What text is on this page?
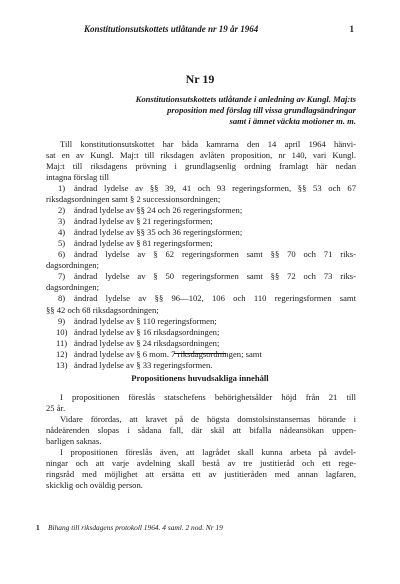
Konstitutionsutskottets utlåtande nr 19 år 1964	1
Nr 19
Konstitutionsutskottets utlåtande i anledning av Kungl. Maj:ts
proposition med förslag till vissa grundlagsändringar
samt i ämnet väckta motioner m. m.
Till konstitutionsutskottet har båda kamrarna den 14 april 1964 hänvi-
sat en av Kungl. Maj:t till riksdagen avlåten proposition, nr 140, vari Kungl.
Maj:t till riksdagens prövning i grundlagsenlig ordning framlagt här nedan
intagna förslag till
1)	ändrad lydelse av §§ 39, 41 och 93 regeringsformen, §§ 53 och 67
riksdagsordningen samt § 2 successionsordningen;
2)	ändrad lydelse av §§ 24 och 26 regeringsformen;
3)	ändrad lydelse av § 21 regeringsformen;
4)	ändrad lydelse av §§ 35 och 36 regeringsformen;
5)	ändrad lydelse av § 81 regeringsformen;
6)	ändrad lydelse av § 62 regeringsformen samt §§ 70 och 71 riks-
dagsordningen;
7)	ändrad lydelse av § 50 regeringsformen samt §§ 72 och 73 riks-
dagsordningen;
8)	ändrad lydelse av §§ 96—102, 106 och 110 regeringsformen samt
§§ 42 och 68 riksdagsordningen;
9)	ändrad lydelse av § 110 regeringsformen;
10) ändrad lydelse av § 16 riksdagsordningen;
11) ändrad lydelse av § 24 riksdagsordningen;
12) ändrad lydelse av § 6 mom. 7 riksdagsordningen; samt
13) ändrad lydelse av § 33 regeringsformen.
Propositionens huvudsakliga innehåll
I propositionen föreslås statschefens behörighetsålder höjd från 21 till
25 år.
Vidare förordas, att kravet på de högsta domstolsinstansernas hörande i
nådeärenden slopas i sådana fall, där skäl att bifalla nådeansökan uppen-
barligen saknas.
I propositionen föreslås även, att lagrådet skall kunna arbeta på avdel-
ningar och att varje avdelning skall bestå av tre justitieråd och ett rege-
ringsråd med möjlighet att ersätta ett av justitieråden med annan lagfaren,
skicklig och oväldig person.
1 Bihang till riksdagens protokoll 1964. 4 saml. 2 nod. Nr 19
